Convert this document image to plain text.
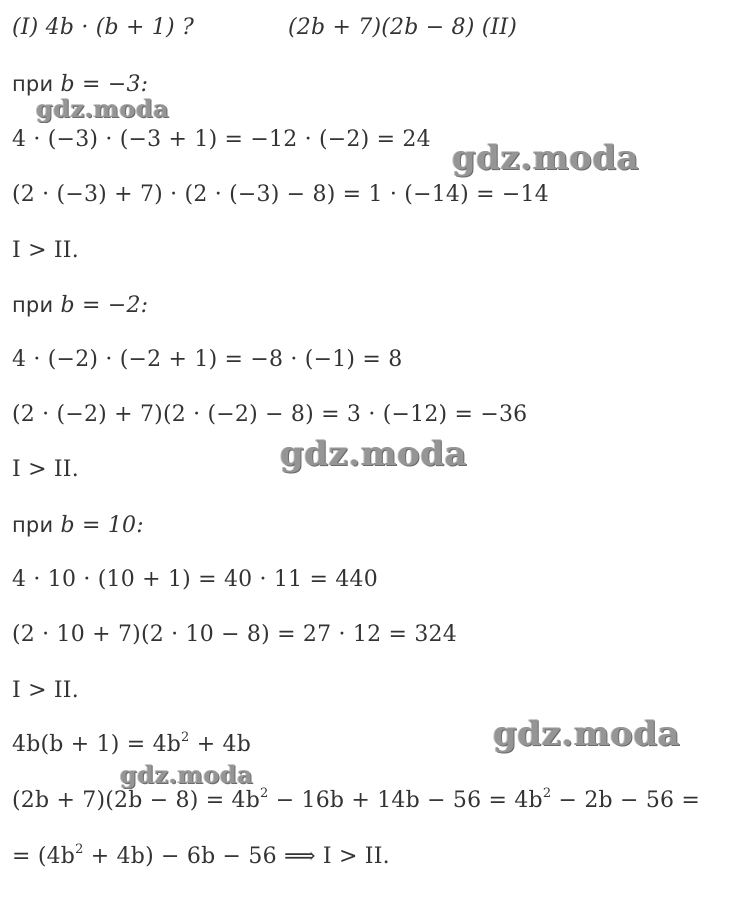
(I) 4b · (b + 1) ?	(2b + 7)(2b − 8) (II)
при b = −3:
4 · (−3) · (−3 + 1) = −12 · (−2) = 24
(2 · (−3) + 7) · (2 · (−3) − 8) = 1 · (−14) = −14
I > II.
при b = −2:
4 · (−2) · (−2 + 1) = −8 · (−1) = 8
(2 · (−2) + 7)(2 · (−2) − 8) = 3 · (−12) = −36
I > II.
при b = 10:
4 · 10 · (10 + 1) = 40 · 11 = 440
(2 · 10 + 7)(2 · 10 − 8) = 27 · 12 = 324
I > II.
$4b(b + 1) = 4b^2 + 4b$
$(2b + 7)(2b - 8) = 4b^2 - 16b + 14b - 56 = 4b^2 - 2b - 56$ =
= $(4b^2 + 4b) - 6b - 56$ ⟹ I > II.
gdz.moda
gdz.moda
gdz.moda
gdz.moda
gdz.moda
